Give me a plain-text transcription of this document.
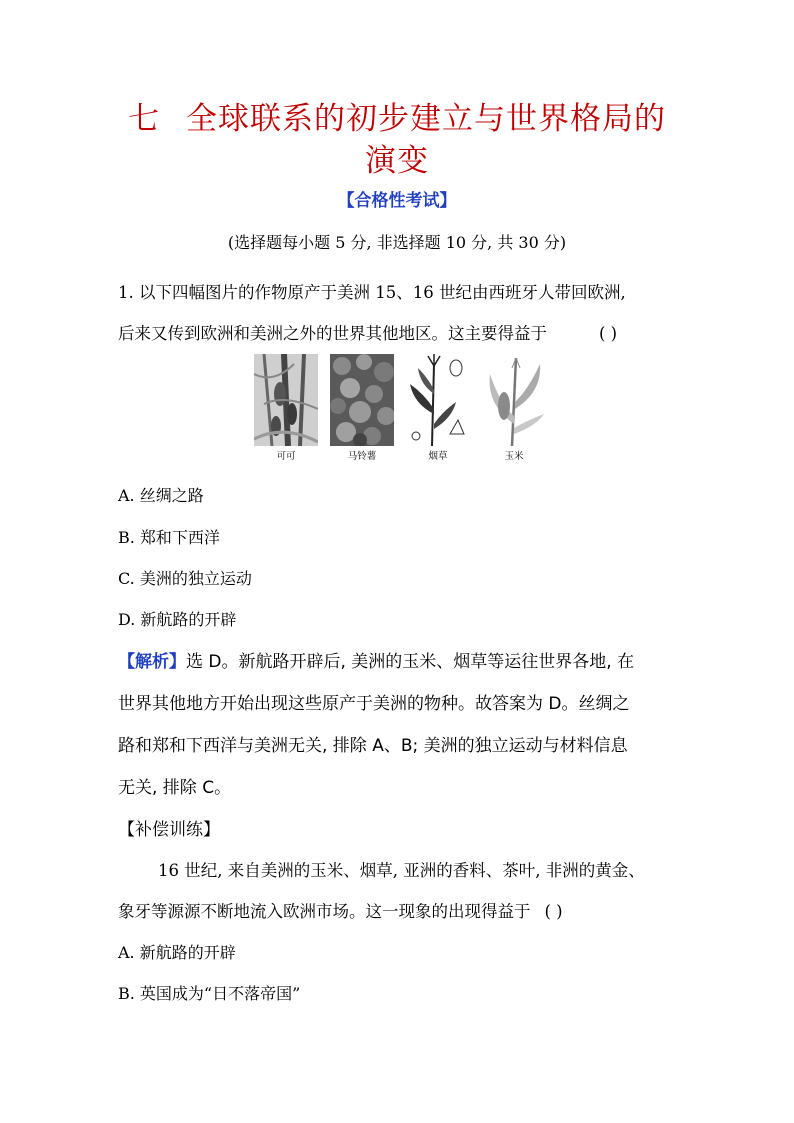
七 全球联系的初步建立与世界格局的
演变
【合格性考试】
(选择题每小题 5 分, 非选择题 10 分, 共 30 分)
1. 以下四幅图片的作物原产于美洲 15、16 世纪由西班牙人带回欧洲,
后来又传到欧洲和美洲之外的世界其他地区。这主要得益于	( )
可可	马铃薯	烟草	玉米
A. 丝绸之路
B. 郑和下西洋
C. 美洲的独立运动
D. 新航路的开辟
【解析】选 D。新航路开辟后, 美洲的玉米、烟草等运往世界各地, 在
世界其他地方开始出现这些原产于美洲的物种。故答案为 D。丝绸之
路和郑和下西洋与美洲无关, 排除 A、B; 美洲的独立运动与材料信息
无关, 排除 C。
【补偿训练】
16 世纪, 来自美洲的玉米、烟草, 亚洲的香料、茶叶, 非洲的黄金、
象牙等源源不断地流入欧洲市场。这一现象的出现得益于 ( )
A. 新航路的开辟
B. 英国成为“日不落帝国”
